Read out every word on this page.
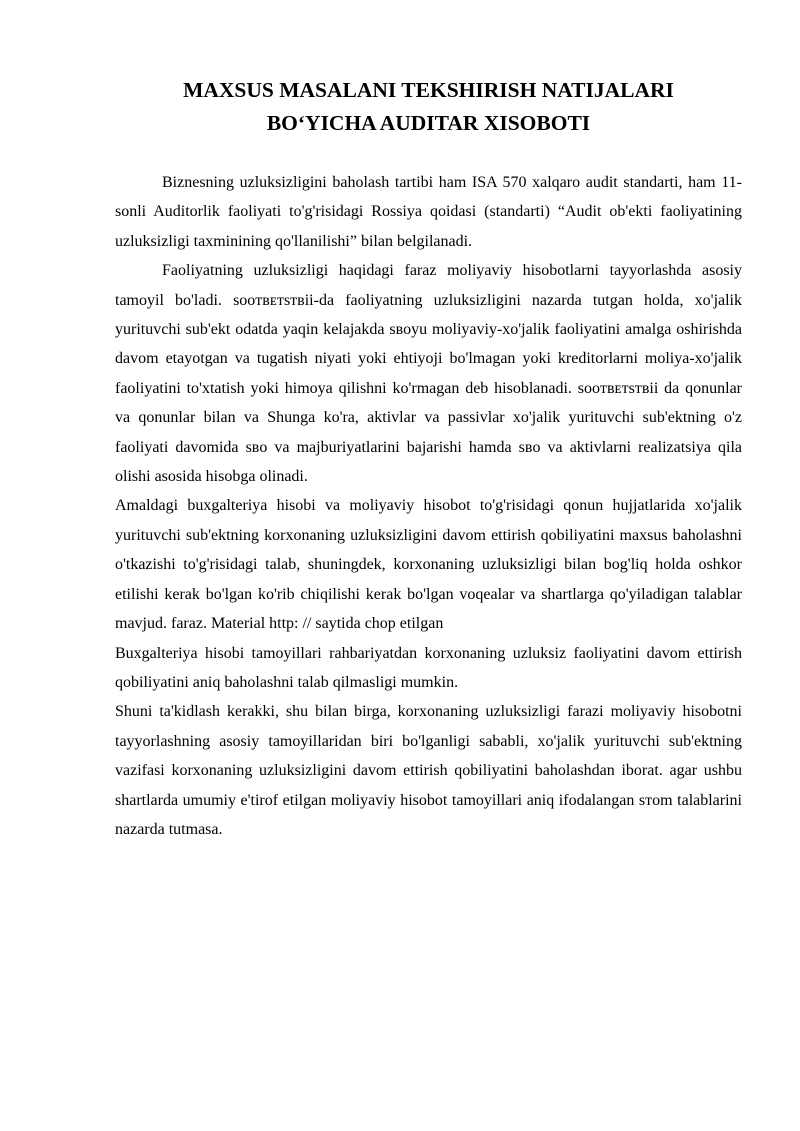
MAXSUS MASALANI TEKSHIRISH NATIJALARI
BO‘YICHA AUDITAR XISOBOTI

Biznesning uzluksizligini baholash tartibi ham ISA 570 xalqaro audit standarti, ham 11-sonli Auditorlik faoliyati to'g'risidagi Rossiya qoidasi (standarti) “Audit ob'ekti faoliyatining uzluksizligi taxminining qo'llanilishi” bilan belgilanadi.

Faoliyatning uzluksizligi haqidagi faraz moliyaviy hisobotlarni tayyorlashda asosiy tamoyil bo'ladi. ѕᴏᴏᴛʙᴇᴛѕᴛʙii-da faoliyatning uzluksizligini nazarda tutgan holda, xo'jalik yurituvchi sub'ekt odatda yaqin kelajakda ѕʙᴏyu moliyaviy-xo'jalik faoliyatini amalga oshirishda davom etayotgan va tugatish niyati yoki ehtiyoji bo'lmagan yoki kreditorlarni moliya-xo'jalik faoliyatini to'xtatish yoki himoya qilishni ko'rmagan deb hisoblanadi. ѕᴏᴏᴛʙᴇᴛѕᴛʙii da qonunlar va qonunlar bilan va Shunga ko'ra, aktivlar va passivlar xo'jalik yurituvchi sub'ektning o'z faoliyati davomida ѕʙᴏ va majburiyatlarini bajarishi hamda ѕʙᴏ va aktivlarni realizatsiya qila olishi asosida hisobga olinadi.

Amaldagi buxgalteriya hisobi va moliyaviy hisobot to'g'risidagi qonun hujjatlarida xo'jalik yurituvchi sub'ektning korxonaning uzluksizligini davom ettirish qobiliyatini maxsus baholashni o'tkazishi to'g'risidagi talab, shuningdek, korxonaning uzluksizligi bilan bog'liq holda oshkor etilishi kerak bo'lgan ko'rib chiqilishi kerak bo'lgan voqealar va shartlarga qo'yiladigan talablar mavjud. faraz. Material http: // saytida chop etilgan

Buxgalteriya hisobi tamoyillari rahbariyatdan korxonaning uzluksiz faoliyatini davom ettirish qobiliyatini aniq baholashni talab qilmasligi mumkin.

Shuni ta'kidlash kerakki, shu bilan birga, korxonaning uzluksizligi farazi moliyaviy hisobotni tayyorlashning asosiy tamoyillaridan biri bo'lganligi sababli, xo'jalik yurituvchi sub'ektning vazifasi korxonaning uzluksizligini davom ettirish qobiliyatini baholashdan iborat. agar ushbu shartlarda umumiy e'tirof etilgan moliyaviy hisobot tamoyillari aniq ifodalangan ѕᴛᴏm talablarini nazarda tutmasa.
